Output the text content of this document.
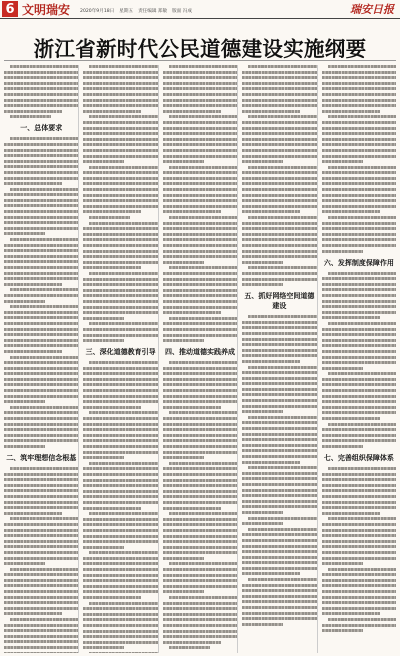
6 文明瑞安 2020年9月18日 星期五 责任编辑 郑敏 版面 冯成	瑞安日报
浙江省新时代公民道德建设实施纲要
一、总体要求
二、筑牢理想信念根基
三、深化道德教育引导	四、推动道德实践养成
五、抓好网络空间道德建设
六、发挥制度保障作用
七、完善组织保障体系
